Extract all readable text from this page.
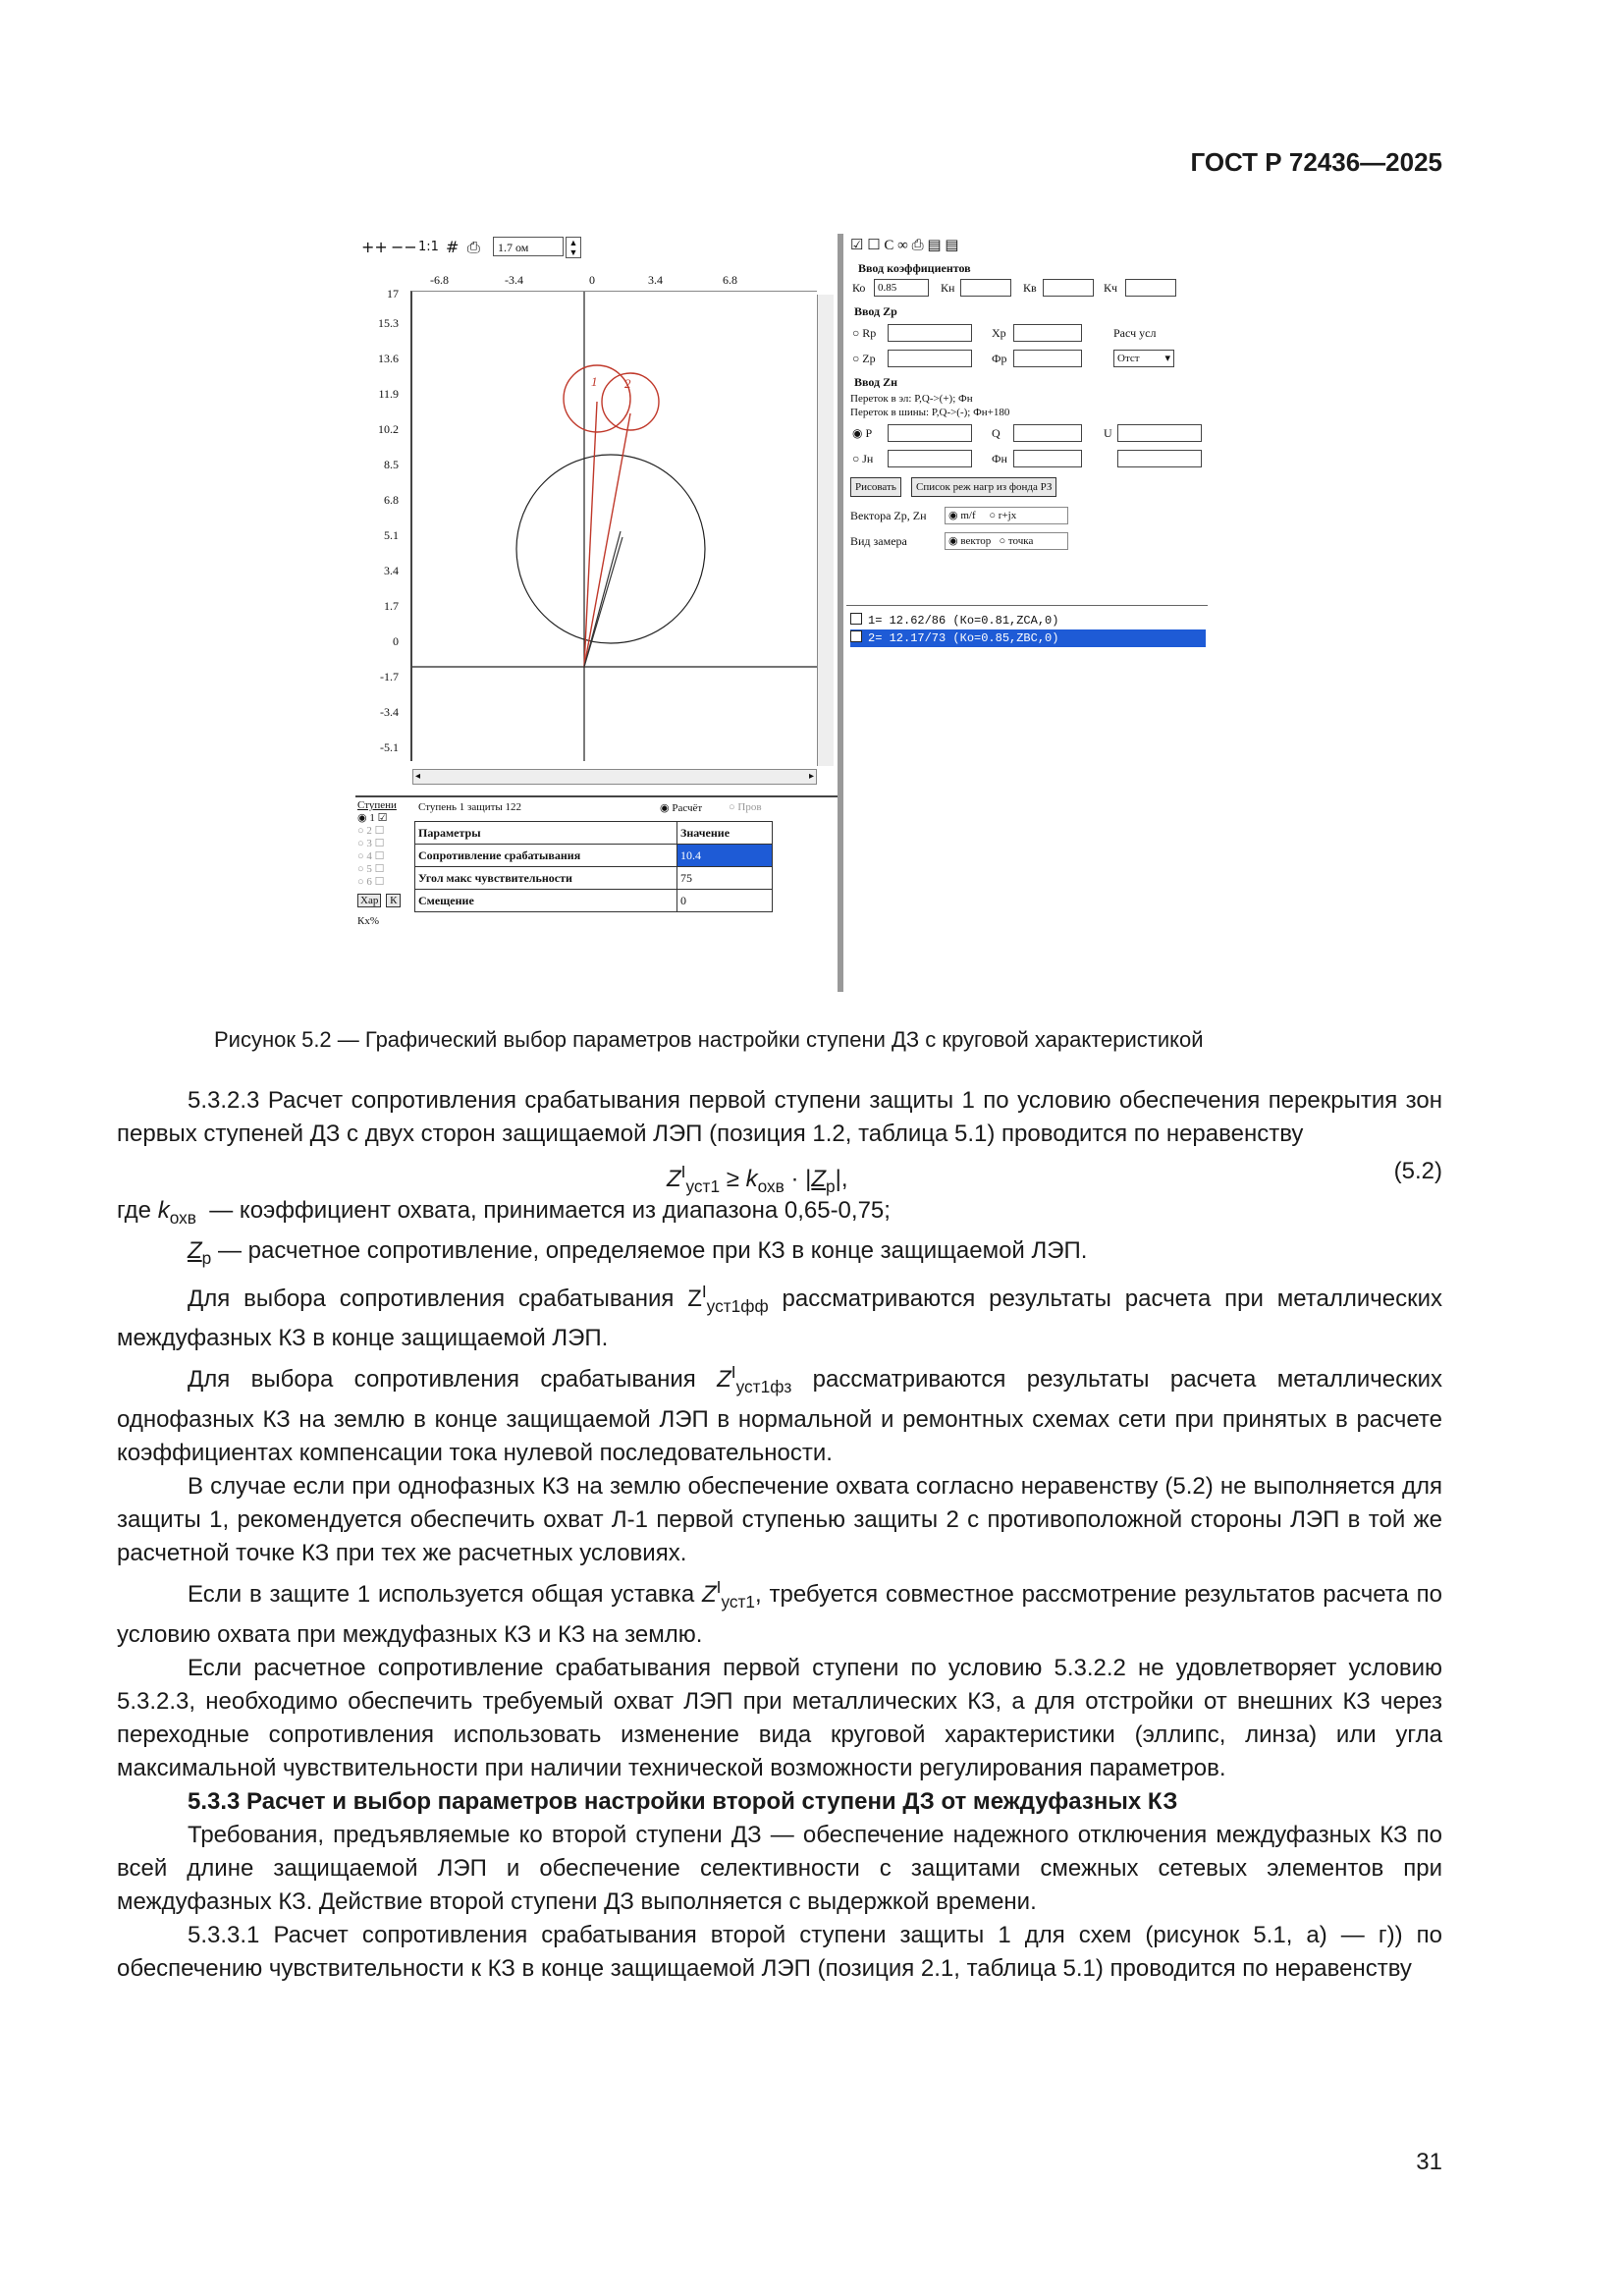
ГОСТ Р 72436—2025
++ −− 1:1 # ⎙	1.7 ом	▲
▼
-6.8	-3.4	0	3.4	6.8
17
15.3
13.6
11.9
10.2
8.5
6.8
5.1
3.4
1.7
0
-1.7
-3.4
-5.1
1 2
◂	▸
☑ ☐ C ∞ ⎙ ▤ ▤
Ввод коэффициентов
Ко	0.85	Кн	Кв	Кч
Ввод Zp
○ Rp	Xp	Расч усл
○ Zp	Фр	Отст ▾
Ввод Zн
Переток в эл: P,Q->(+); Фн
Переток в шины: P,Q->(-); Фн+180
◉ P	Q	U
○ Jн	Фн
Рисовать	Список реж нагр из фонда РЗ
Вектора Zp, Zн	◉ m/f ○ r+jx
Вид замера	◉ вектор ○ точка
1= 12.62/86 (Ко=0.81,ZCA,0)
2= 12.17/73 (Ко=0.85,ZBC,0)
Ступени
◉ 1 ☑
○ 2 ☐
○ 3 ☐
○ 4 ☐
○ 5 ☐
○ 6 ☐
Хар К
Кх%
Ступень 1 защиты 122	◉ Расчёт ○ Пров
Параметры	Значение
Сопротивление срабатывания	10.4
Угол макс чувствительности	75
Смещение	0
Рисунок 5.2 — Графический выбор параметров настройки ступени ДЗ с круговой характеристикой

5.3.2.3 Расчет сопротивления срабатывания первой ступени защиты 1 по условию обеспечения перекрытия зон первых ступеней ДЗ с двух сторон защищаемой ЛЭП (позиция 1.2, таблица 5.1) проводится по неравенству

$Z^I_{уст1} \ge k_{охв} \cdot |Z_р|$,	(5.2)

где $k_{охв}$ — коэффициент охвата, принимается из диапазона 0,65-0,75;

$Z_р$ — расчетное сопротивление, определяемое при КЗ в конце защищаемой ЛЭП.

Для выбора сопротивления срабатывания $Z^I_{уст1фф}$ рассматриваются результаты расчета при металлических междуфазных КЗ в конце защищаемой ЛЭП.

Для выбора сопротивления срабатывания $Z^I_{уст1фз}$ рассматриваются результаты расчета металлических однофазных КЗ на землю в конце защищаемой ЛЭП в нормальной и ремонтных схемах сети при принятых в расчете коэффициентах компенсации тока нулевой последовательности.

В случае если при однофазных КЗ на землю обеспечение охвата согласно неравенству (5.2) не выполняется для защиты 1, рекомендуется обеспечить охват Л-1 первой ступенью защиты 2 с противоположной стороны ЛЭП в той же расчетной точке КЗ при тех же расчетных условиях.

Если в защите 1 используется общая уставка $Z^I_{уст1}$, требуется совместное рассмотрение результатов расчета по условию охвата при междуфазных КЗ и КЗ на землю.

Если расчетное сопротивление срабатывания первой ступени по условию 5.3.2.2 не удовлетворяет условию 5.3.2.3, необходимо обеспечить требуемый охват ЛЭП при металлических КЗ, а для отстройки от внешних КЗ через переходные сопротивления использовать изменение вида круговой характеристики (эллипс, линза) или угла максимальной чувствительности при наличии технической возможности регулирования параметров.

5.3.3 Расчет и выбор параметров настройки второй ступени ДЗ от междуфазных КЗ

Требования, предъявляемые ко второй ступени ДЗ — обеспечение надежного отключения междуфазных КЗ по всей длине защищаемой ЛЭП и обеспечение селективности с защитами смежных сетевых элементов при междуфазных КЗ. Действие второй ступени ДЗ выполняется с выдержкой времени.

5.3.3.1 Расчет сопротивления срабатывания второй ступени защиты 1 для схем (рисунок 5.1, а) — г)) по обеспечению чувствительности к КЗ в конце защищаемой ЛЭП (позиция 2.1, таблица 5.1) проводится по неравенству

31
